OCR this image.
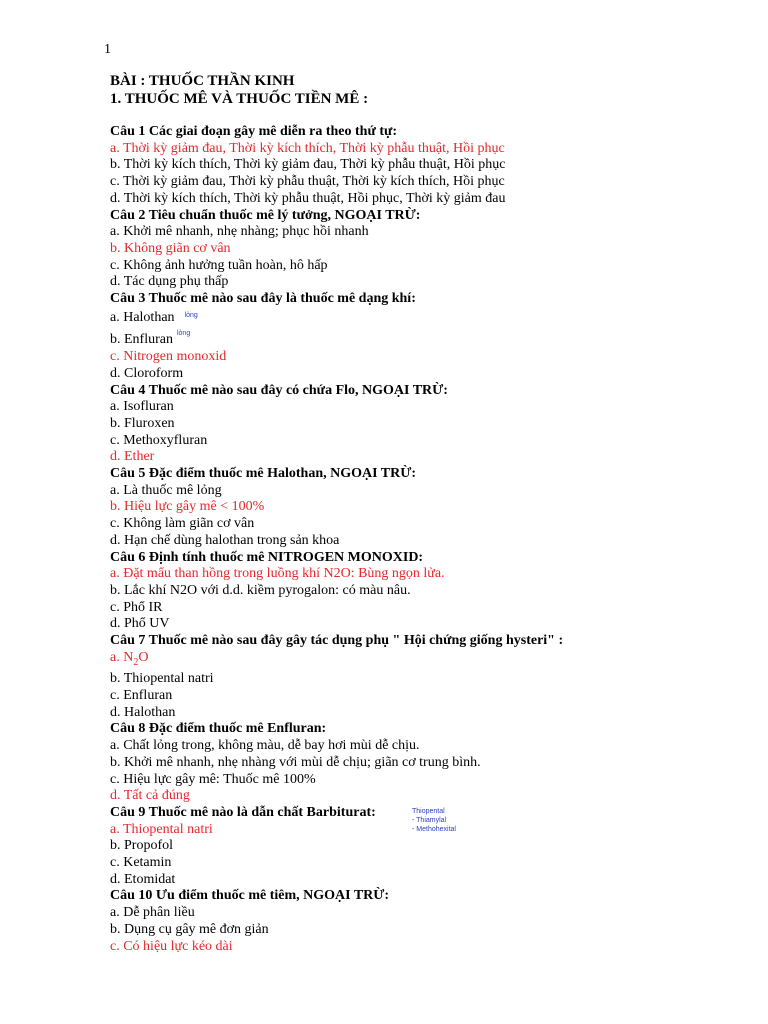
1

BÀI : THUỐC THẦN KINH

1. THUỐC MÊ VÀ THUỐC TIỀN MÊ :

Câu 1 Các giai đoạn gây mê diễn ra theo thứ tự:
a. Thời kỳ giảm đau, Thời kỳ kích thích, Thời kỳ phẫu thuật, Hồi phục
b. Thời kỳ kích thích, Thời kỳ giảm đau, Thời kỳ phẫu thuật, Hồi phục
c. Thời kỳ giảm đau, Thời kỳ phẫu thuật, Thời kỳ kích thích, Hồi phục
d. Thời kỳ kích thích, Thời kỳ phẫu thuật, Hồi phục, Thời kỳ giảm đau
Câu 2 Tiêu chuẩn thuốc mê lý tưởng, NGOẠI TRỪ:
a. Khởi mê nhanh, nhẹ nhàng; phục hồi nhanh
b. Không giãn cơ vân
c. Không ảnh hưởng tuần hoàn, hô hấp
d. Tác dụng phụ thấp
Câu 3 Thuốc mê nào sau đây là thuốc mê dạng khí:
a. Halothan $^{lỏng}$
b. Enfluran $^{lỏng}$
c. Nitrogen monoxid
d. Cloroform
Câu 4 Thuốc mê nào sau đây có chứa Flo, NGOẠI TRỪ:
a. Isofluran
b. Fluroxen
c. Methoxyfluran
d. Ether
Câu 5 Đặc điểm thuốc mê Halothan, NGOẠI TRỪ:
a. Là thuốc mê lỏng
b. Hiệu lực gây mê < 100%
c. Không làm giãn cơ vân
d. Hạn chế dùng halothan trong sản khoa
Câu 6 Định tính thuốc mê NITROGEN MONOXID:
a. Đặt mẩu than hồng trong luồng khí N2O: Bùng ngọn lửa.
b. Lắc khí N2O với d.d. kiềm pyrogalon: có màu nâu.
c. Phổ IR
d. Phổ UV
Câu 7 Thuốc mê nào sau đây gây tác dụng phụ " Hội chứng giống hysteri" :
a. $N_2O$
b. Thiopental natri
c. Enfluran
d. Halothan
Câu 8 Đặc điểm thuốc mê Enfluran:
a. Chất lỏng trong, không màu, dễ bay hơi mùi dễ chịu.
b. Khởi mê nhanh, nhẹ nhàng với mùi dễ chịu; giãn cơ trung bình.
c. Hiệu lực gây mê: Thuốc mê 100%
d. Tất cả đúng
Câu 9 Thuốc mê nào là dẫn chất Barbiturat:	Thiopental
- Thiamylal
- Methohexital
a. Thiopental natri
b. Propofol
c. Ketamin
d. Etomidat
Câu 10 Ưu điểm thuốc mê tiêm, NGOẠI TRỪ:
a. Dễ phân liều
b. Dụng cụ gây mê đơn giản
c. Có hiệu lực kéo dài
